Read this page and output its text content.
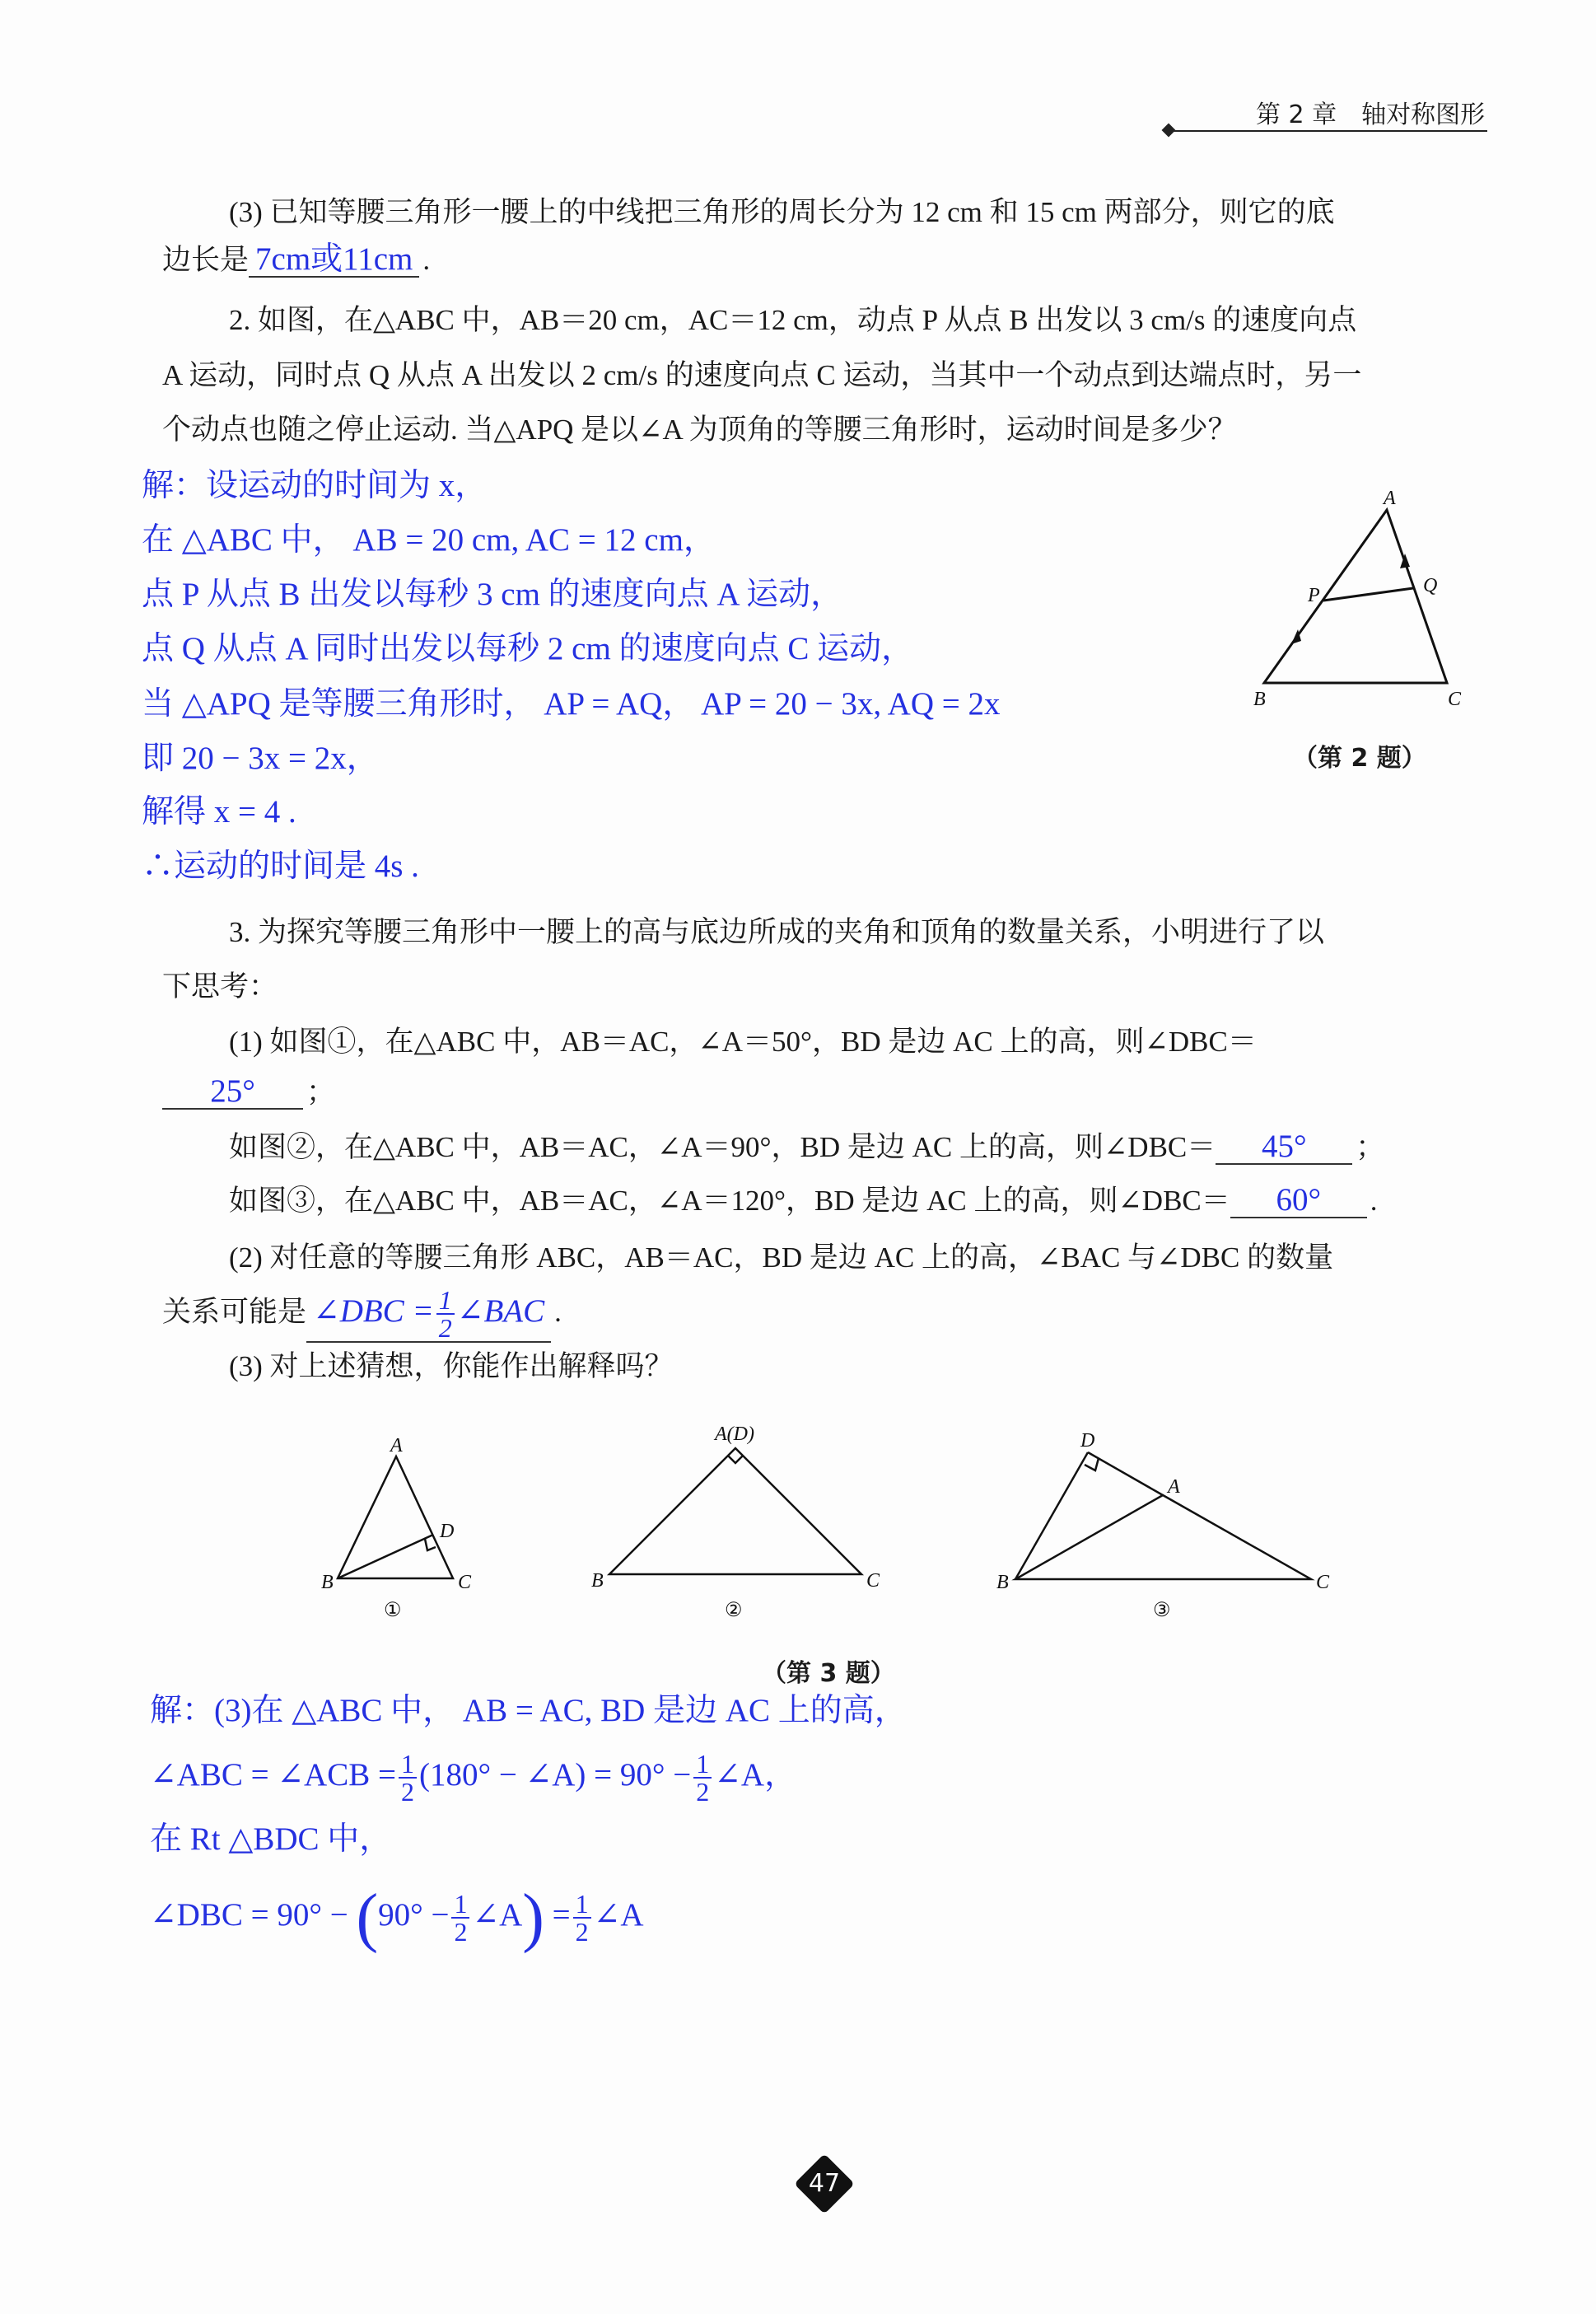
第 2 章　轴对称图形
(3) 已知等腰三角形一腰上的中线把三角形的周长分为 12 cm 和 15 cm 两部分，则它的底
边长是 7cm或11cm .
2. 如图，在△ABC 中，AB＝20 cm，AC＝12 cm，动点 P 从点 B 出发以 3 cm/s 的速度向点
A 运动，同时点 Q 从点 A 出发以 2 cm/s 的速度向点 C 运动，当其中一个动点到达端点时，另一
个动点也随之停止运动. 当△APQ 是以∠A 为顶角的等腰三角形时，运动时间是多少？
解：设运动的时间为 x，
在 △ABC 中， AB = 20 cm, AC = 12 cm，
点 P 从点 B 出发以每秒 3 cm 的速度向点 A 运动，
点 Q 从点 A 同时出发以每秒 2 cm 的速度向点 C 运动，
当 △APQ 是等腰三角形时， AP = AQ， AP = 20 − 3x, AQ = 2x
即 20 − 3x = 2x，
解得 x = 4 .
∴运动的时间是 4s .
A
B	C
P	Q
A
B	C
D
①
A(D)
B	C
②
D
A
B	C
③
（第 2 题）
3. 为探究等腰三角形中一腰上的高与底边所成的夹角和顶角的数量关系，小明进行了以
下思考：
(1) 如图①，在△ABC 中，AB＝AC，∠A＝50°，BD 是边 AC 上的高，则∠DBC＝
25° ；
如图②，在△ABC 中，AB＝AC，∠A＝90°，BD 是边 AC 上的高，则∠DBC＝ 45° ；
如图③，在△ABC 中，AB＝AC，∠A＝120°，BD 是边 AC 上的高，则∠DBC＝ 60° .
(2) 对任意的等腰三角形 ABC，AB＝AC，BD 是边 AC 上的高，∠BAC 与∠DBC 的数量
关系可能是 ∠DBC = $\frac{1}{2}$ ∠BAC .
(3) 对上述猜想，你能作出解释吗？
（第 3 题）
解：(3)在 △ABC 中， AB = AC, BD 是边 AC 上的高，
∠ABC = ∠ACB = $\frac{1}{2} (180^\circ$ − ∠A) = $90^\circ - \frac{1}{2}$ ∠A，
在 Rt △BDC 中，
∠DBC = $90^\circ - (90^\circ - \frac{1}{2}$ ∠A) = $\frac{1}{2}$ ∠A
47
